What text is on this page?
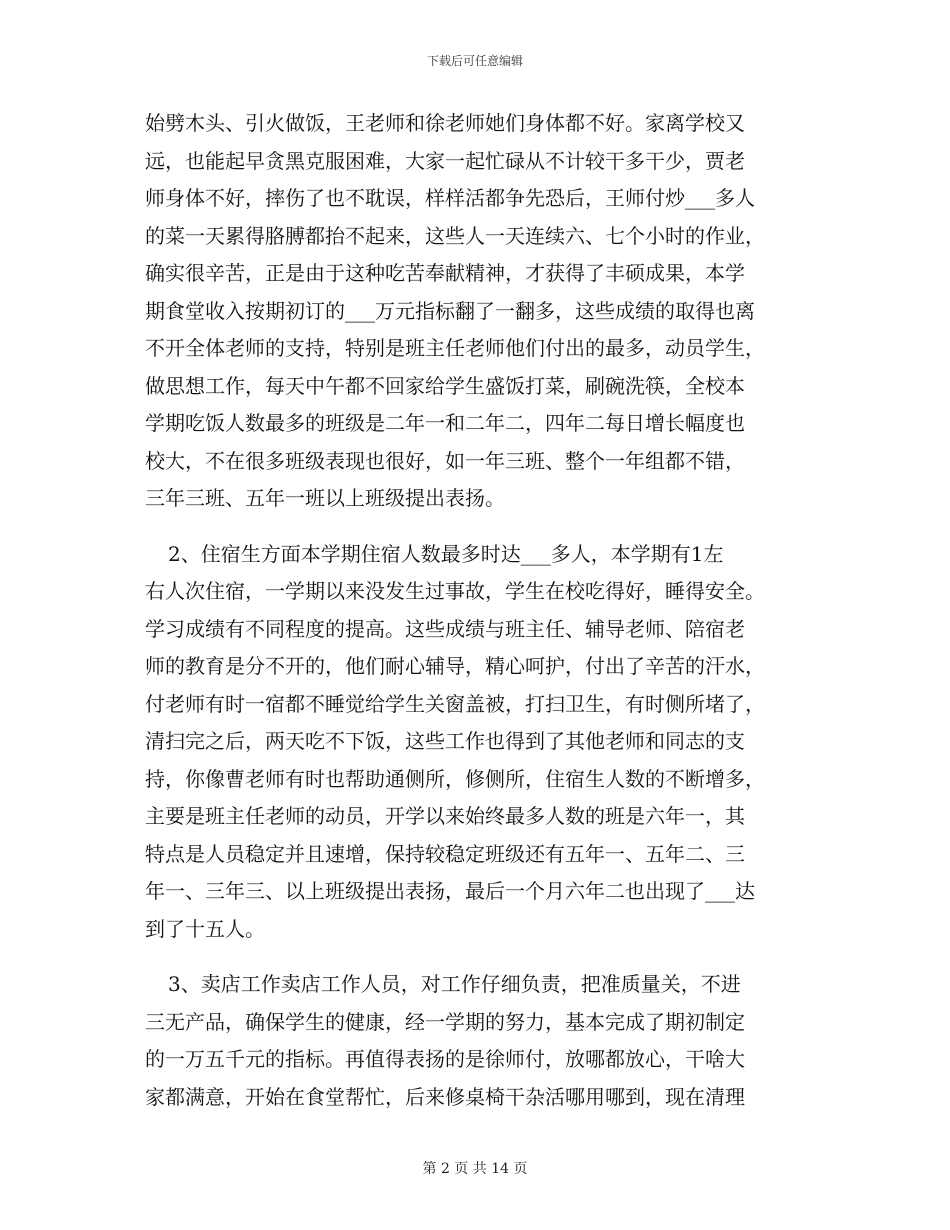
下载后可任意编辑
始劈木头、引火做饭，王老师和徐老师她们身体都不好。家离学校又
远，也能起早贪黑克服困难，大家一起忙碌从不计较干多干少，贾老
师身体不好，摔伤了也不耽误，样样活都争先恐后，王师付炒___多人
的菜一天累得胳膊都抬不起来，这些人一天连续六、七个小时的作业，
确实很辛苦，正是由于这种吃苦奉献精神，才获得了丰硕成果，本学
期食堂收入按期初订的___万元指标翻了一翻多，这些成绩的取得也离
不开全体老师的支持，特别是班主任老师他们付出的最多，动员学生，
做思想工作，每天中午都不回家给学生盛饭打菜，刷碗洗筷，全校本
学期吃饭人数最多的班级是二年一和二年二，四年二每日增长幅度也
校大，不在很多班级表现也很好，如一年三班、整个一年组都不错，
三年三班、五年一班以上班级提出表扬。
2、住宿生方面本学期住宿人数最多时达___多人，本学期有1左
右人次住宿，一学期以来没发生过事故，学生在校吃得好，睡得安全。
学习成绩有不同程度的提高。这些成绩与班主任、辅导老师、陪宿老
师的教育是分不开的，他们耐心辅导，精心呵护，付出了辛苦的汗水，
付老师有时一宿都不睡觉给学生关窗盖被，打扫卫生，有时侧所堵了，
清扫完之后，两天吃不下饭，这些工作也得到了其他老师和同志的支
持，你像曹老师有时也帮助通侧所，修侧所，住宿生人数的不断增多，
主要是班主任老师的动员，开学以来始终最多人数的班是六年一，其
特点是人员稳定并且速增，保持较稳定班级还有五年一、五年二、三
年一、三年三、以上班级提出表扬，最后一个月六年二也出现了___达
到了十五人。
3、卖店工作卖店工作人员，对工作仔细负责，把准质量关，不进
三无产品，确保学生的健康，经一学期的努力，基本完成了期初制定
的一万五千元的指标。再值得表扬的是徐师付，放哪都放心，干啥大
家都满意，开始在食堂帮忙，后来修桌椅干杂活哪用哪到，现在清理
第 2 页 共 14 页
